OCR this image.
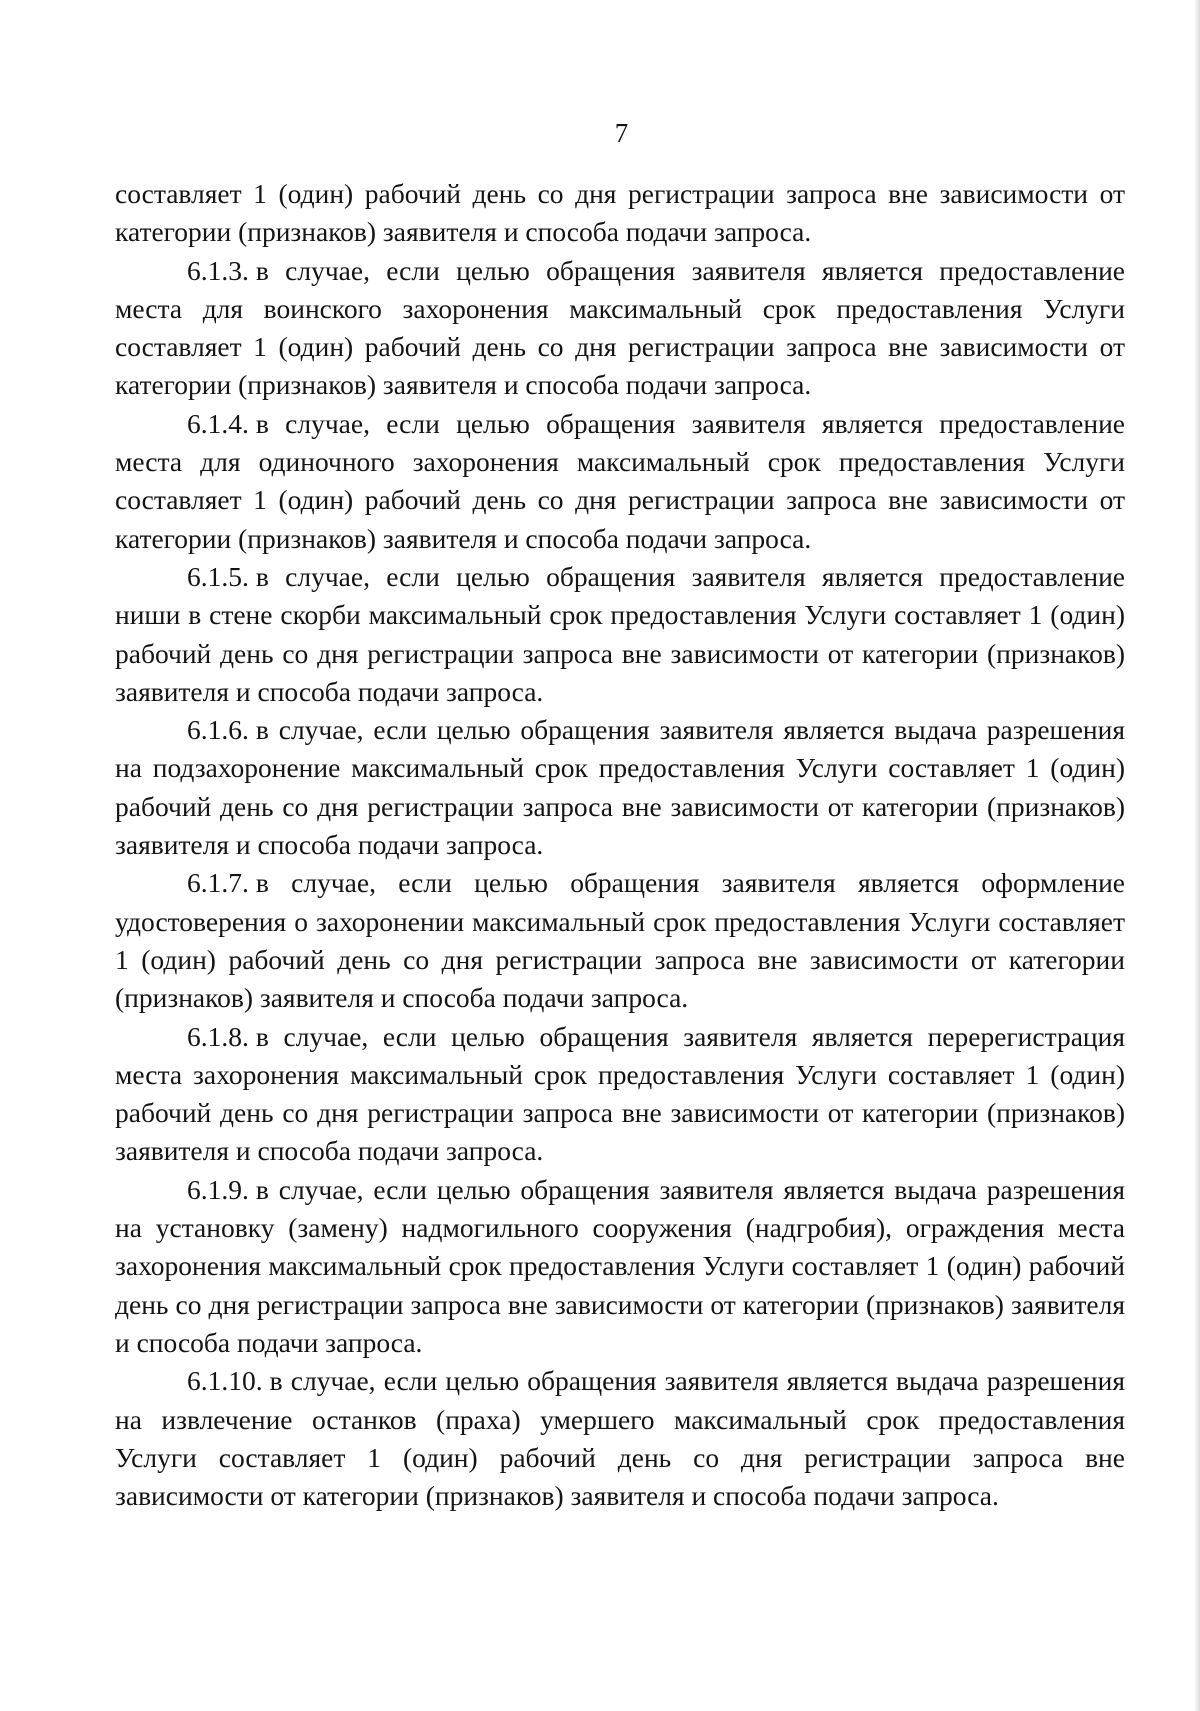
7

составляет 1 (один) рабочий день со дня регистрации запроса вне зависимости от категории (признаков) заявителя и способа подачи запроса.

6.1.3. в случае, если целью обращения заявителя является предоставление места для воинского захоронения максимальный срок предоставления Услуги составляет 1 (один) рабочий день со дня регистрации запроса вне зависимости от категории (признаков) заявителя и способа подачи запроса.

6.1.4. в случае, если целью обращения заявителя является предоставление места для одиночного захоронения максимальный срок предоставления Услуги составляет 1 (один) рабочий день со дня регистрации запроса вне зависимости от категории (признаков) заявителя и способа подачи запроса.

6.1.5. в случае, если целью обращения заявителя является предоставление ниши в стене скорби максимальный срок предоставления Услуги составляет 1 (один) рабочий день со дня регистрации запроса вне зависимости от категории (признаков) заявителя и способа подачи запроса.

6.1.6. в случае, если целью обращения заявителя является выдача разрешения на подзахоронение максимальный срок предоставления Услуги составляет 1 (один) рабочий день со дня регистрации запроса вне зависимости от категории (признаков) заявителя и способа подачи запроса.

6.1.7. в случае, если целью обращения заявителя является оформление удостоверения о захоронении максимальный срок предоставления Услуги составляет 1 (один) рабочий день со дня регистрации запроса вне зависимости от категории (признаков) заявителя и способа подачи запроса.

6.1.8. в случае, если целью обращения заявителя является перерегистрация места захоронения максимальный срок предоставления Услуги составляет 1 (один) рабочий день со дня регистрации запроса вне зависимости от категории (признаков) заявителя и способа подачи запроса.

6.1.9. в случае, если целью обращения заявителя является выдача разрешения на установку (замену) надмогильного сооружения (надгробия), ограждения места захоронения максимальный срок предоставления Услуги составляет 1 (один) рабочий день со дня регистрации запроса вне зависимости от категории (признаков) заявителя и способа подачи запроса.

6.1.10. в случае, если целью обращения заявителя является выдача разрешения на извлечение останков (праха) умершего максимальный срок предоставления Услуги составляет 1 (один) рабочий день со дня регистрации запроса вне зависимости от категории (признаков) заявителя и способа подачи запроса.
